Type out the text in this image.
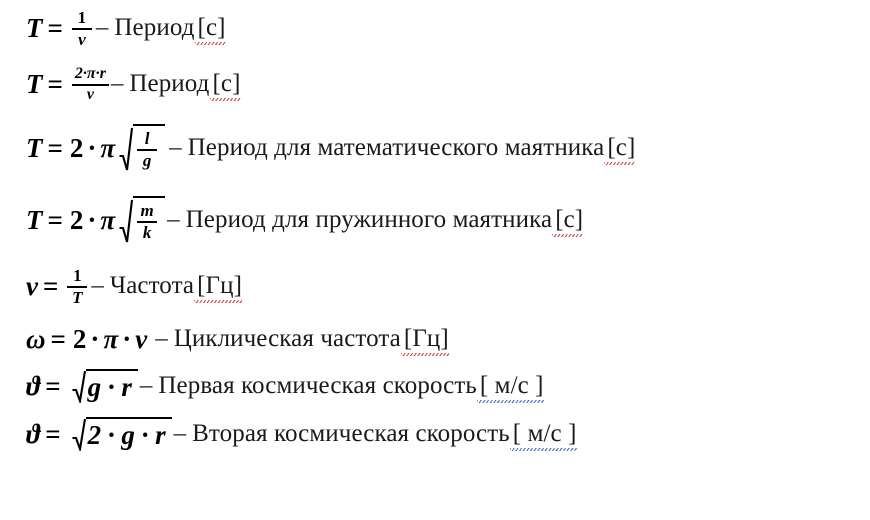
$T = \frac{1}{\nu}$ – Период [с]
$T = \frac{2\cdot\pi\cdot r}{v}$ – Период [с]
T = 2 · π $\frac{l}{g}$ – Период для математического маятника [с]
T = 2 · π $\frac{m}{k}$ – Период для пружинного маятника [с]
$\nu = \frac{1}{T}$ – Частота [Гц]
ω = 2 · π · ν – Циклическая частота [Гц]
ϑ = g · r – Первая космическая скорость [ м/с ]
ϑ = 2 · g · r – Вторая космическая скорость [ м/с ]
